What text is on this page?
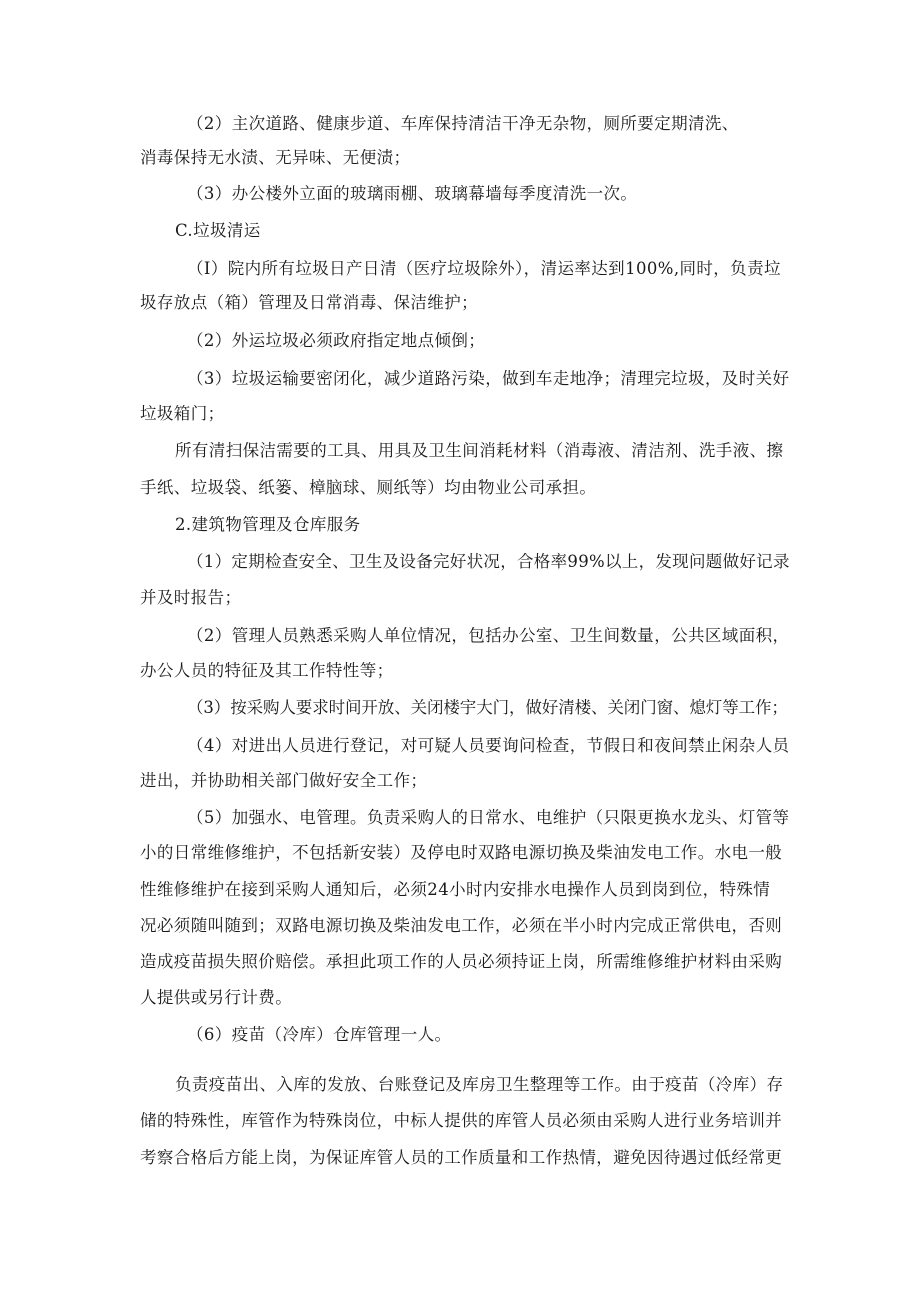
（2）主次道路、健康步道、车库保持清洁干净无杂物，厕所要定期清洗、
消毒保持无水渍、无异味、无便渍；
（3）办公楼外立面的玻璃雨棚、玻璃幕墙每季度清洗一次。
C.垃圾清运
（I）院内所有垃圾日产日清（医疗垃圾除外），清运率达到100%,同时，负责垃
圾存放点（箱）管理及日常消毒、保洁维护；
（2）外运垃圾必须政府指定地点倾倒；
（3）垃圾运输要密闭化，减少道路污染，做到车走地净；清理完垃圾，及时关好
垃圾箱门；
所有清扫保洁需要的工具、用具及卫生间消耗材料（消毒液、清洁剂、洗手液、擦
手纸、垃圾袋、纸篓、樟脑球、厕纸等）均由物业公司承担。
2.建筑物管理及仓库服务
（1）定期检查安全、卫生及设备完好状况，合格率99%以上，发现问题做好记录
并及时报告；
（2）管理人员熟悉采购人单位情况，包括办公室、卫生间数量，公共区域面积，
办公人员的特征及其工作特性等；
（3）按采购人要求时间开放、关闭楼宇大门，做好清楼、关闭门窗、熄灯等工作；
（4）对进出人员进行登记，对可疑人员要询问检查，节假日和夜间禁止闲杂人员
进出，并协助相关部门做好安全工作；
（5）加强水、电管理。负责采购人的日常水、电维护（只限更换水龙头、灯管等
小的日常维修维护，不包括新安装）及停电时双路电源切换及柴油发电工作。水电一般
性维修维护在接到采购人通知后，必须24小时内安排水电操作人员到岗到位，特殊情
况必须随叫随到；双路电源切换及柴油发电工作，必须在半小时内完成正常供电，否则
造成疫苗损失照价赔偿。承担此项工作的人员必须持证上岗，所需维修维护材料由采购
人提供或另行计费。
（6）疫苗（冷库）仓库管理一人。
负责疫苗出、入库的发放、台账登记及库房卫生整理等工作。由于疫苗（冷库）存
储的特殊性，库管作为特殊岗位，中标人提供的库管人员必须由采购人进行业务培训并
考察合格后方能上岗，为保证库管人员的工作质量和工作热情，避免因待遇过低经常更
